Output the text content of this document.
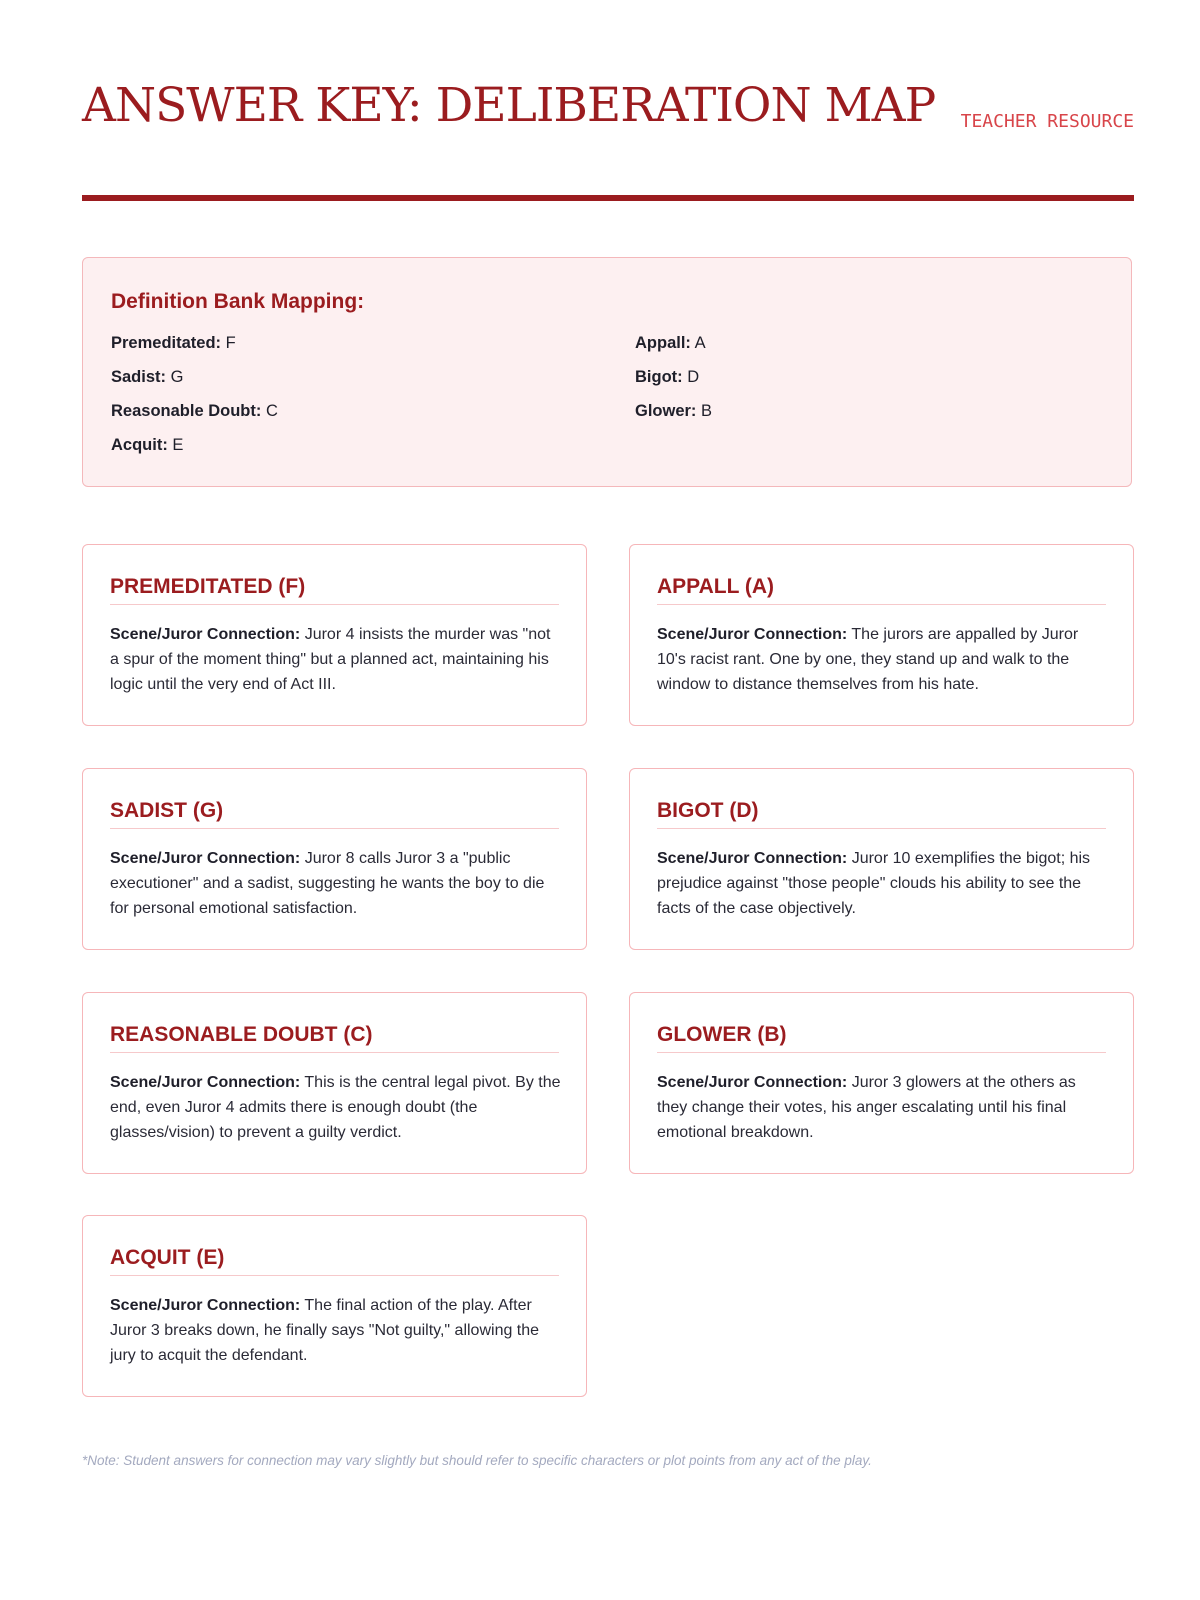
ANSWER KEY: DELIBERATION MAP TEACHER RESOURCE
Definition Bank Mapping:
Premeditated: F
Sadist: G
Reasonable Doubt: C
Acquit: E
Appall: A
Bigot: D
Glower: B
PREMEDITATED (F)

Scene/Juror Connection: Juror 4 insists the murder was "not a spur of the moment thing" but a planned act, maintaining his logic until the very end of Act III.

APPALL (A)

Scene/Juror Connection: The jurors are appalled by Juror 10's racist rant. One by one, they stand up and walk to the window to distance themselves from his hate.

SADIST (G)

Scene/Juror Connection: Juror 8 calls Juror 3 a "public executioner" and a sadist, suggesting he wants the boy to die for personal emotional satisfaction.

BIGOT (D)

Scene/Juror Connection: Juror 10 exemplifies the bigot; his prejudice against "those people" clouds his ability to see the facts of the case objectively.

REASONABLE DOUBT (C)

Scene/Juror Connection: This is the central legal pivot. By the end, even Juror 4 admits there is enough doubt (the glasses/vision) to prevent a guilty verdict.

GLOWER (B)

Scene/Juror Connection: Juror 3 glowers at the others as they change their votes, his anger escalating until his final emotional breakdown.

ACQUIT (E)

Scene/Juror Connection: The final action of the play. After Juror 3 breaks down, he finally says "Not guilty," allowing the jury to acquit the defendant.

*Note: Student answers for connection may vary slightly but should refer to specific characters or plot points from any act of the play.
